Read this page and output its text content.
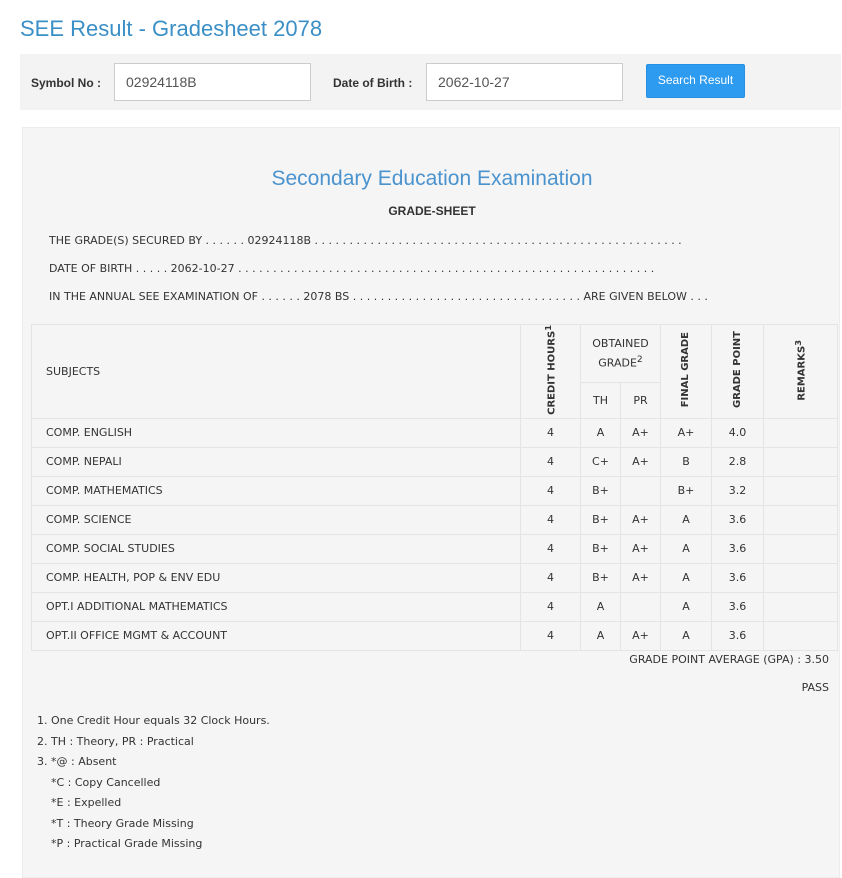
SEE Result - Gradesheet 2078
Symbol No :	02924118B	Date of Birth :	2062-10-27	Search Result
Secondary Education Examination
GRADE-SHEET
THE GRADE(S) SECURED BY . . . . . . 02924118B . . . . . . . . . . . . . . . . . . . . . . . . . . . . . . . . . . . . . . . . . . . . . . . . . . . . .
DATE OF BIRTH . . . . . 2062-10-27 . . . . . . . . . . . . . . . . . . . . . . . . . . . . . . . . . . . . . . . . . . . . . . . . . . . . . . . . . . . .
IN THE ANNUAL SEE EXAMINATION OF . . . . . . 2078 BS . . . . . . . . . . . . . . . . . . . . . . . . . . . . . . . . . ARE GIVEN BELOW . . .
SUBJECTS	CREDIT HOURS$^1$	OBTAINED GRADE$^2$		FINAL GRADE	GRADE POINT	REMARKS$^3$
		TH	PR			
COMP. ENGLISH	4	A	A+	A+	4.0	
COMP. NEPALI	4	C+	A+	B	2.8	
COMP. MATHEMATICS	4	B+		B+	3.2	
COMP. SCIENCE	4	B+	A+	A	3.6	
COMP. SOCIAL STUDIES	4	B+	A+	A	3.6	
COMP. HEALTH, POP & ENV EDU	4	B+	A+	A	3.6	
OPT.I ADDITIONAL MATHEMATICS	4	A		A	3.6	
OPT.II OFFICE MGMT & ACCOUNT	4	A	A+	A	3.6	
GRADE POINT AVERAGE (GPA) : 3.50
PASS
1. One Credit Hour equals 32 Clock Hours.
2. TH : Theory, PR : Practical
3. *@ : Absent
*C : Copy Cancelled
*E : Expelled
*T : Theory Grade Missing
*P : Practical Grade Missing
